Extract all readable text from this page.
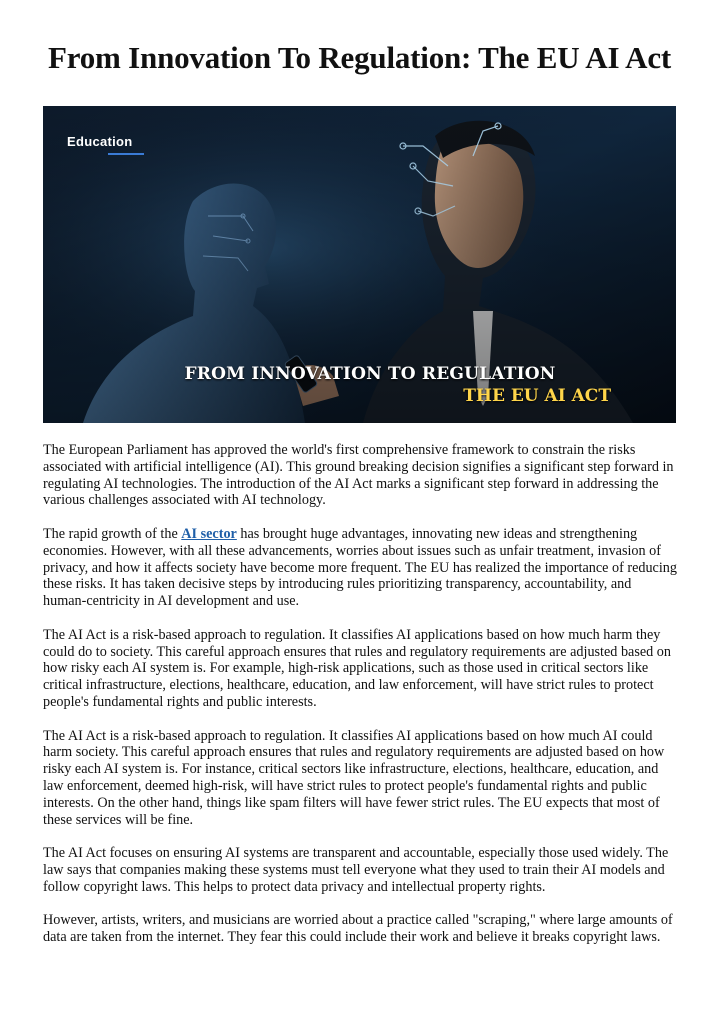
From Innovation To Regulation: The EU AI Act
Education
FROM INNOVATION TO REGULATION
THE EU AI ACT

The European Parliament has approved the world's first comprehensive framework to constrain the risks associated with artificial intelligence (AI). This ground breaking decision signifies a significant step forward in regulating AI technologies. The introduction of the AI Act marks a significant step forward in addressing the various challenges associated with AI technology.

The rapid growth of the AI sector has brought huge advantages, innovating new ideas and strengthening economies. However, with all these advancements, worries about issues such as unfair treatment, invasion of privacy, and how it affects society have become more frequent. The EU has realized the importance of reducing these risks. It has taken decisive steps by introducing rules prioritizing transparency, accountability, and human-centricity in AI development and use.

The AI Act is a risk-based approach to regulation. It classifies AI applications based on how much harm they could do to society. This careful approach ensures that rules and regulatory requirements are adjusted based on how risky each AI system is. For example, high-risk applications, such as those used in critical sectors like critical infrastructure, elections, healthcare, education, and law enforcement, will have strict rules to protect people's fundamental rights and public interests.

The AI Act is a risk-based approach to regulation. It classifies AI applications based on how much AI could harm society. This careful approach ensures that rules and regulatory requirements are adjusted based on how risky each AI system is. For instance, critical sectors like infrastructure, elections, healthcare, education, and law enforcement, deemed high-risk, will have strict rules to protect people's fundamental rights and public interests. On the other hand, things like spam filters will have fewer strict rules. The EU expects that most of these services will be fine.

The AI Act focuses on ensuring AI systems are transparent and accountable, especially those used widely. The law says that companies making these systems must tell everyone what they used to train their AI models and follow copyright laws. This helps to protect data privacy and intellectual property rights.

However, artists, writers, and musicians are worried about a practice called "scraping," where large amounts of data are taken from the internet. They fear this could include their work and believe it breaks copyright laws.
